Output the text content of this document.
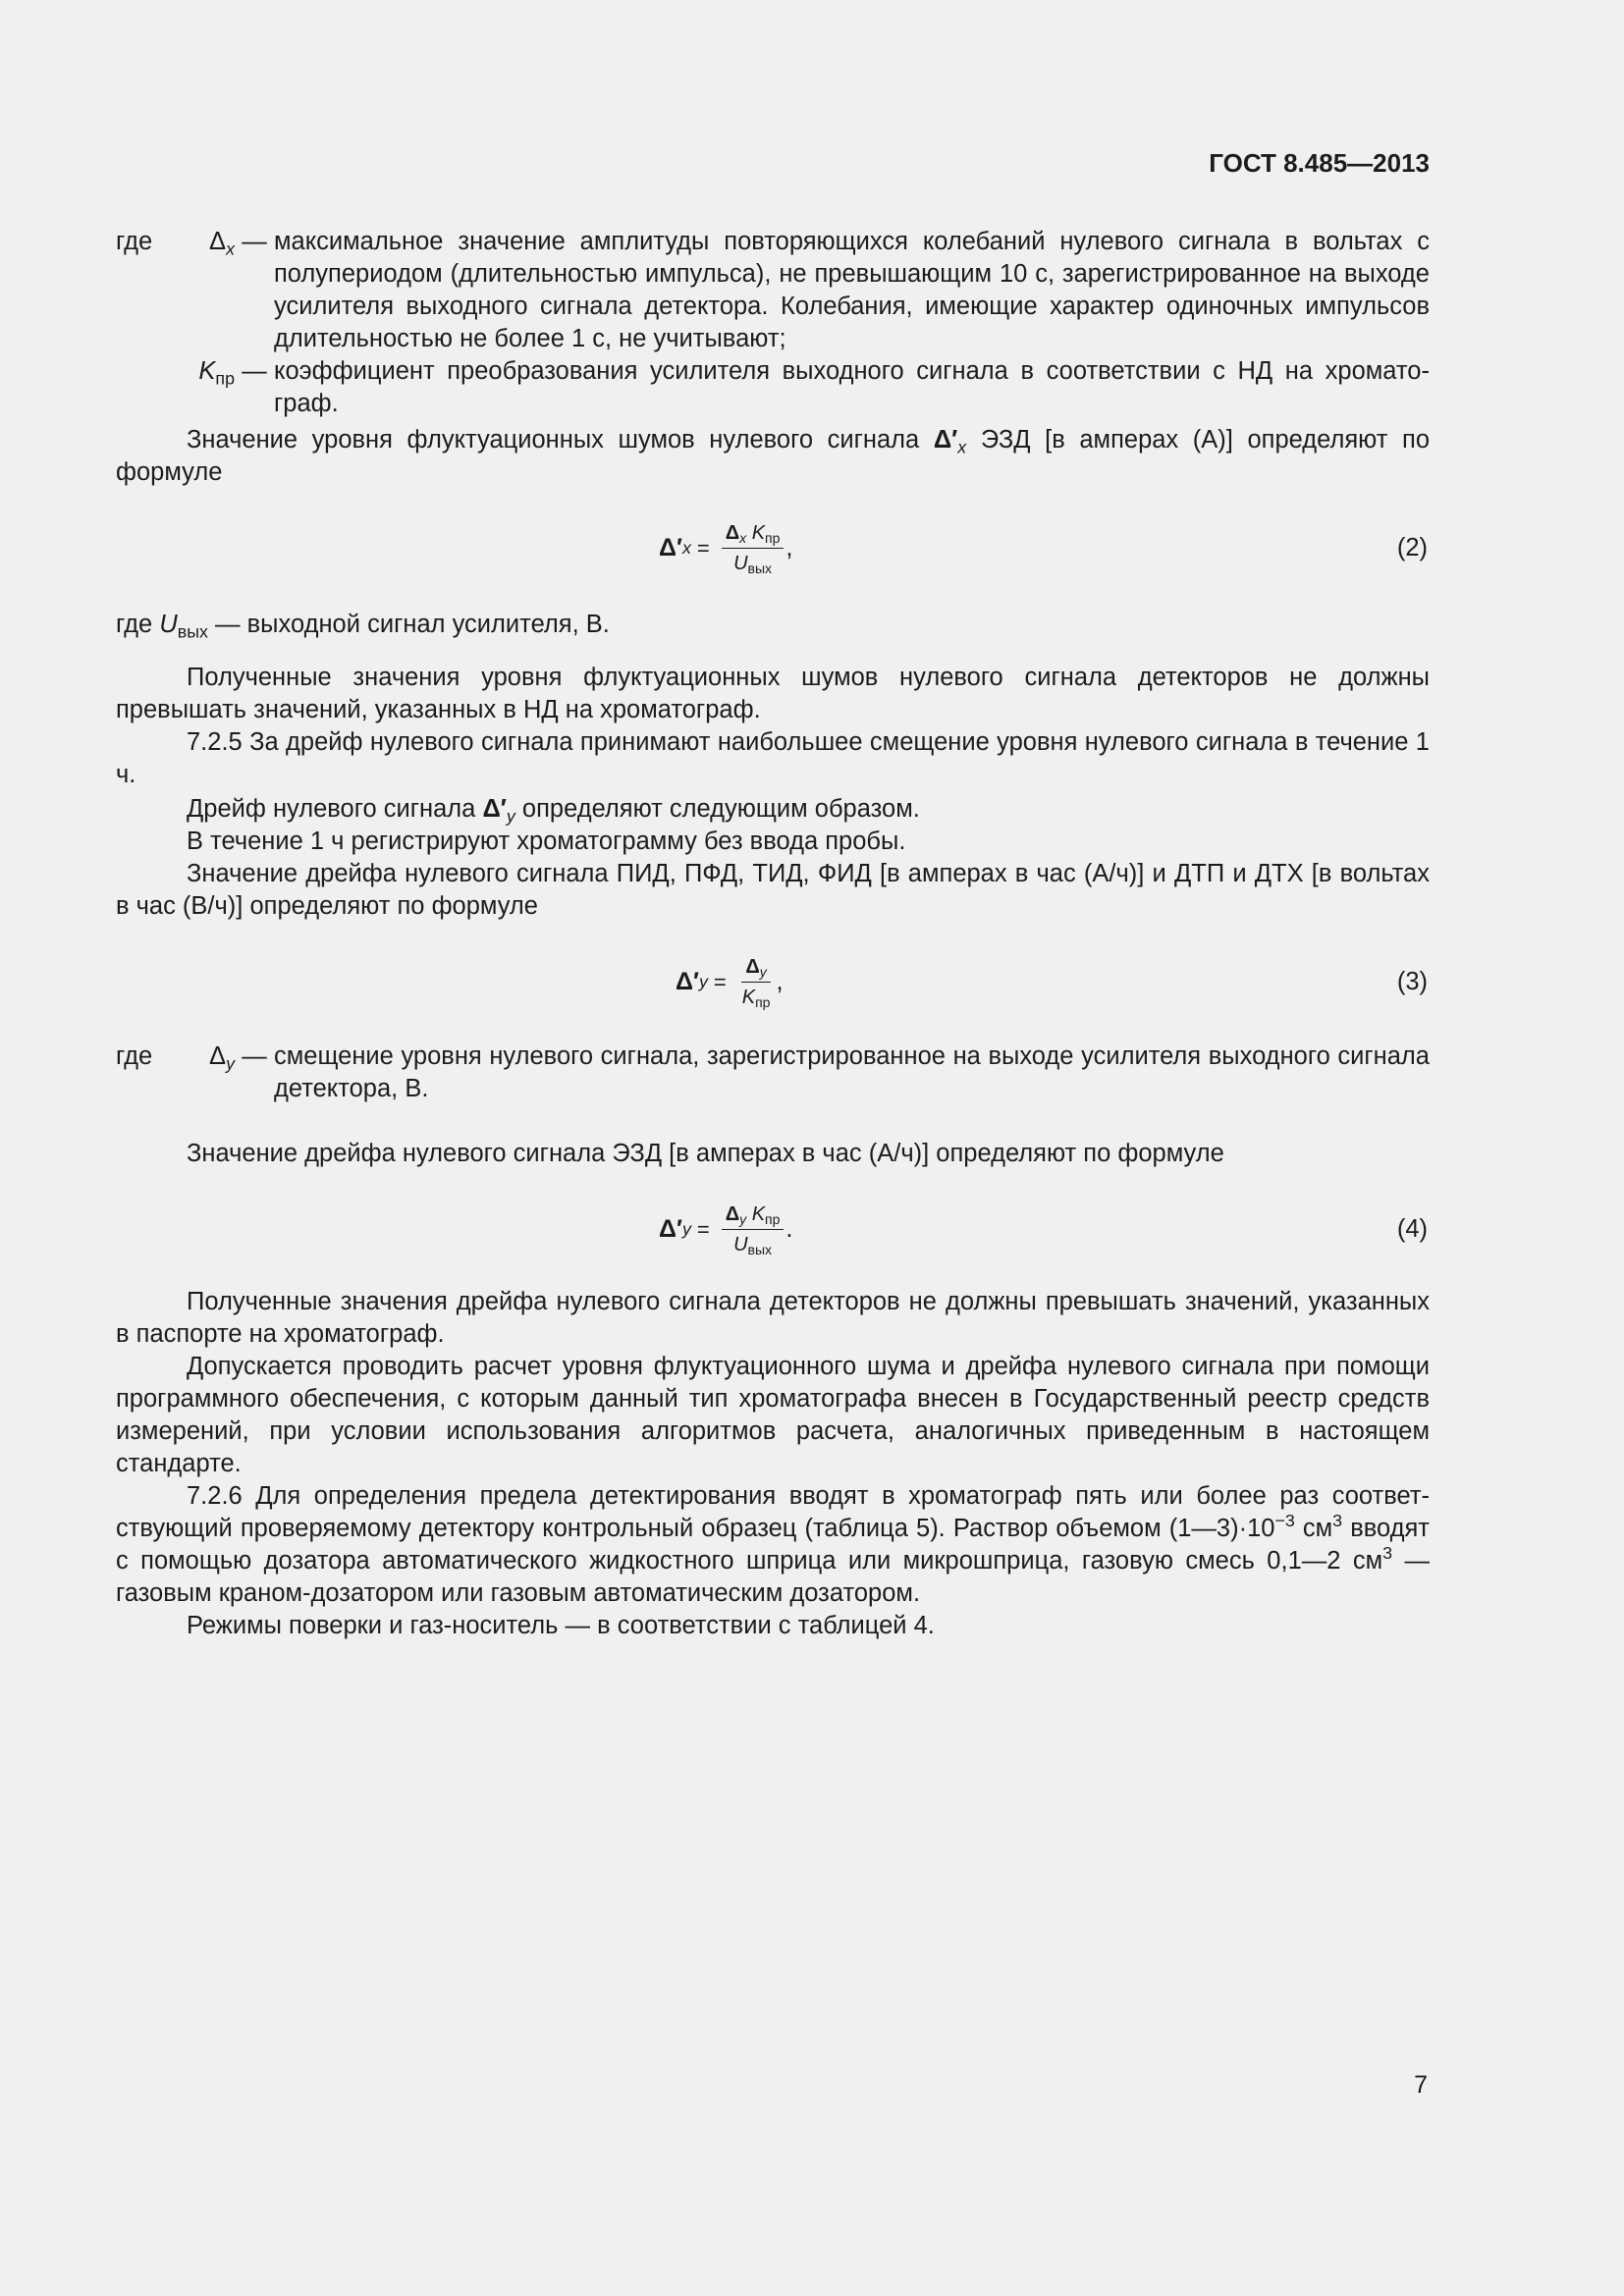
ГОСТ 8.485—2013
где	$\Delta_x$	—	максимальное значение амплитуды повторяющихся колебаний нулевого сигнала в вольтах с полупериодом (длительностью импульса), не превышающим 10 с, зарегистрированное на выходе усилителя выходного сигнала детектора. Колебания, имеющие характер одиночных импульсов длительностью не более 1 с, не учитывают;
	$K_{пр}$	—	коэффициент преобразования усилителя выходного сигнала в соответствии с НД на хроматограф.

Значение уровня флуктуационных шумов нулевого сигнала $\Delta'_x$ ЭЗД [в амперах (А)] определяют по формуле

Δ′ $x = \frac{\Delta_x K_{пр}}{U_{вых}}$ ,	(2)

где $U_{вых}$ — выходной сигнал усилителя, В.

Полученные значения уровня флуктуационных шумов нулевого сигнала детекторов не должны превышать значений, указанных в НД на хроматограф.

7.2.5 За дрейф нулевого сигнала принимают наибольшее смещение уровня нулевого сигнала в течение 1 ч.

Дрейф нулевого сигнала $\Delta'_y$ определяют следующим образом.

В течение 1 ч регистрируют хроматограмму без ввода пробы.

Значение дрейфа нулевого сигнала ПИД, ПФД, ТИД, ФИД [в амперах в час (А/ч)] и ДТП и ДТХ [в вольтах в час (В/ч)] определяют по формуле

Δ′ $y = \frac{\Delta_y}{K_{пр}}$ ,	(3)
где	$\Delta_y$	—	смещение уровня нулевого сигнала, зарегистрированное на выходе усилителя выходного сигнала детектора, В.

Значение дрейфа нулевого сигнала ЭЗД [в амперах в час (А/ч)] определяют по формуле

Δ′ $y = \frac{\Delta_y K_{пр}}{U_{вых}}$ .	(4)

Полученные значения дрейфа нулевого сигнала детекторов не должны превышать значений, указанных в паспорте на хроматограф.

Допускается проводить расчет уровня флуктуационного шума и дрейфа нулевого сигнала при помощи программного обеспечения, с которым данный тип хроматографа внесен в Государственный реестр средств измерений, при условии использования алгоритмов расчета, аналогичных приведенным в настоящем стандарте.

7.2.6 Для определения предела детектирования вводят в хроматограф пять или более раз соответствующий проверяемому детектору контрольный образец (таблица 5). Раствор объемом $(1—3)\cdot 10^{-3}$ $см^3$ вводят с помощью дозатора автоматического жидкостного шприца или микрошприца, газовую смесь 0,1—2 $см^3$ — газовым краном-дозатором или газовым автоматическим дозатором.

Режимы поверки и газ-носитель — в соответствии с таблицей 4.

7
